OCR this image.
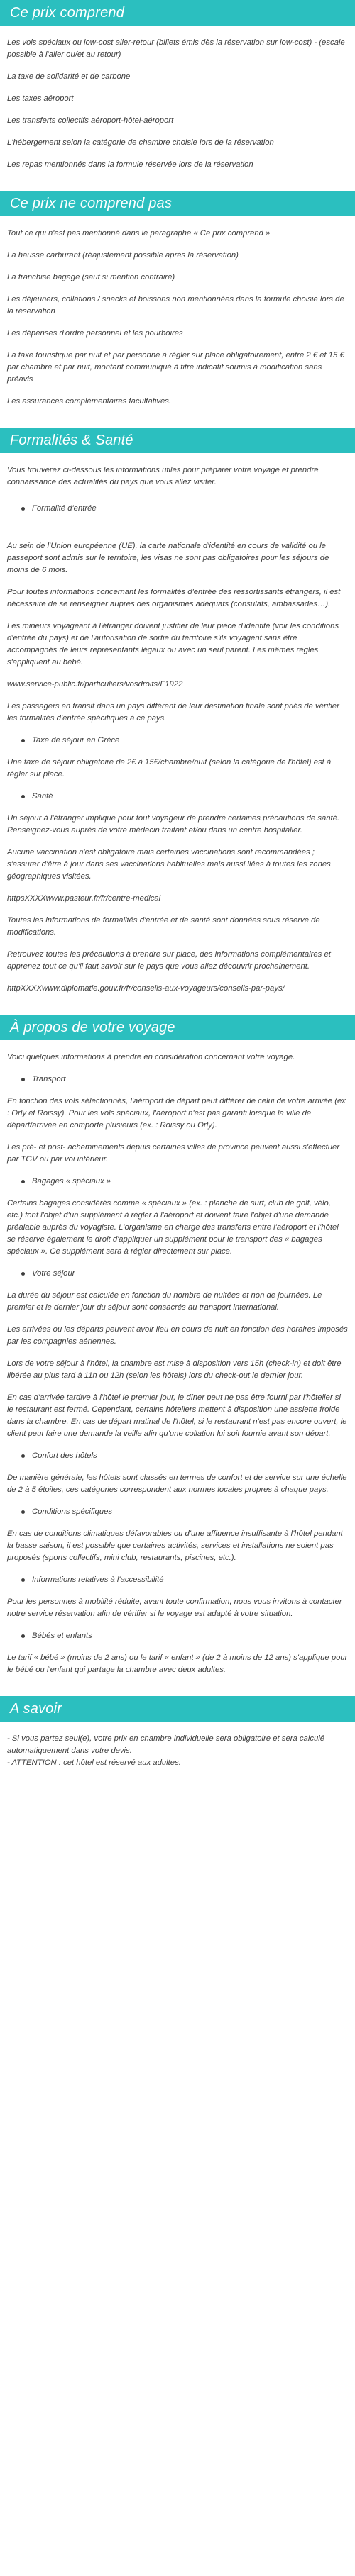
Ce prix comprend

Les vols spéciaux ou low-cost aller-retour (billets émis dès la réservation sur low-cost) - (escale possible à l'aller ou/et au retour)

La taxe de solidarité et de carbone

Les taxes aéroport

Les transferts collectifs aéroport-hôtel-aéroport

L'hébergement selon la catégorie de chambre choisie lors de la réservation

Les repas mentionnés dans la formule réservée lors de la réservation

Ce prix ne comprend pas

Tout ce qui n'est pas mentionné dans le paragraphe « Ce prix comprend »

La hausse carburant (réajustement possible après la réservation)

La franchise bagage (sauf si mention contraire)

Les déjeuners, collations / snacks et boissons non mentionnées dans la formule choisie lors de la réservation

Les dépenses d'ordre personnel et les pourboires

La taxe touristique par nuit et par personne à régler sur place obligatoirement, entre 2 € et 15 € par chambre et par nuit, montant communiqué à titre indicatif soumis à modification sans préavis

Les assurances complémentaires facultatives.

Formalités & Santé

Vous trouverez ci-dessous les informations utiles pour préparer votre voyage et prendre connaissance des actualités du pays que vous allez visiter.

Formalité d'entrée

Au sein de l'Union européenne (UE), la carte nationale d'identité en cours de validité ou le passeport sont admis sur le territoire, les visas ne sont pas obligatoires pour les séjours de moins de 6 mois.

Pour toutes informations concernant les formalités d'entrée des ressortissants étrangers, il est nécessaire de se renseigner auprès des organismes adéquats (consulats, ambassades…).

Les mineurs voyageant à l'étranger doivent justifier de leur pièce d'identité (voir les conditions d'entrée du pays) et de l'autorisation de sortie du territoire s'ils voyagent sans être accompagnés de leurs représentants légaux ou avec un seul parent. Les mêmes règles s'appliquent au bébé.

www.service-public.fr/particuliers/vosdroits/F1922

Les passagers en transit dans un pays différent de leur destination finale sont priés de vérifier les formalités d'entrée spécifiques à ce pays.

Taxe de séjour en Grèce

Une taxe de séjour obligatoire de 2€ à 15€/chambre/nuit (selon la catégorie de l'hôtel) est à régler sur place.

Santé

Un séjour à l'étranger implique pour tout voyageur de prendre certaines précautions de santé. Renseignez-vous auprès de votre médecin traitant et/ou dans un centre hospitalier.

Aucune vaccination n'est obligatoire mais certaines vaccinations sont recommandées ; s'assurer d'être à jour dans ses vaccinations habituelles mais aussi liées à toutes les zones géographiques visitées.

httpsXXXXwww.pasteur.fr/fr/centre-medical

Toutes les informations de formalités d'entrée et de santé sont données sous réserve de modifications.

Retrouvez toutes les précautions à prendre sur place, des informations complémentaires et apprenez tout ce qu'il faut savoir sur le pays que vous allez découvrir prochainement.

httpXXXXwww.diplomatie.gouv.fr/fr/conseils-aux-voyageurs/conseils-par-pays/

À propos de votre voyage

Voici quelques informations à prendre en considération concernant votre voyage.

Transport

En fonction des vols sélectionnés, l'aéroport de départ peut différer de celui de votre arrivée (ex : Orly et Roissy). Pour les vols spéciaux, l'aéroport n'est pas garanti lorsque la ville de départ/arrivée en comporte plusieurs (ex. : Roissy ou Orly).

Les pré- et post- acheminements depuis certaines villes de province peuvent aussi s'effectuer par TGV ou par voi intérieur.

Bagages « spéciaux »

Certains bagages considérés comme « spéciaux » (ex. : planche de surf, club de golf, vélo, etc.) font l'objet d'un supplément à régler à l'aéroport et doivent faire l'objet d'une demande préalable auprès du voyagiste. L'organisme en charge des transferts entre l'aéroport et l'hôtel se réserve également le droit d'appliquer un supplément pour le transport des « bagages spéciaux ». Ce supplément sera à régler directement sur place.

Votre séjour

La durée du séjour est calculée en fonction du nombre de nuitées et non de journées. Le premier et le dernier jour du séjour sont consacrés au transport international.

Les arrivées ou les départs peuvent avoir lieu en cours de nuit en fonction des horaires imposés par les compagnies aériennes.

Lors de votre séjour à l'hôtel, la chambre est mise à disposition vers 15h (check-in) et doit être libérée au plus tard à 11h ou 12h (selon les hôtels) lors du check-out le dernier jour.

En cas d'arrivée tardive à l'hôtel le premier jour, le dîner peut ne pas être fourni par l'hôtelier si le restaurant est fermé. Cependant, certains hôteliers mettent à disposition une assiette froide dans la chambre. En cas de départ matinal de l'hôtel, si le restaurant n'est pas encore ouvert, le client peut faire une demande la veille afin qu'une collation lui soit fournie avant son départ.

Confort des hôtels

De manière générale, les hôtels sont classés en termes de confort et de service sur une échelle de 2 à 5 étoiles, ces catégories correspondent aux normes locales propres à chaque pays.

Conditions spécifiques

En cas de conditions climatiques défavorables ou d'une affluence insuffisante à l'hôtel pendant la basse saison, il est possible que certaines activités, services et installations ne soient pas proposés (sports collectifs, mini club, restaurants, piscines, etc.).

Informations relatives à l'accessibilité

Pour les personnes à mobilité réduite, avant toute confirmation, nous vous invitons à contacter notre service réservation afin de vérifier si le voyage est adapté à votre situation.

Bébés et enfants

Le tarif « bébé » (moins de 2 ans) ou le tarif « enfant » (de 2 à moins de 12 ans) s'applique pour le bébé ou l'enfant qui partage la chambre avec deux adultes.

A savoir

- Si vous partez seul(e), votre prix en chambre individuelle sera obligatoire et sera calculé automatiquement dans votre devis.

- ATTENTION : cet hôtel est réservé aux adultes.
